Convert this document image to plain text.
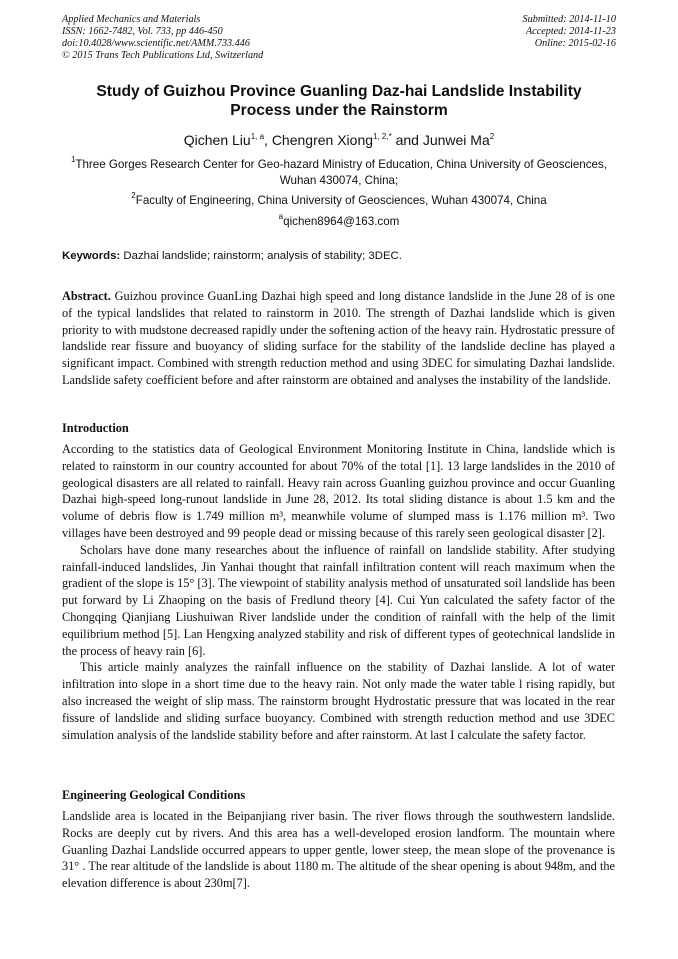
Applied Mechanics and Materials
ISSN: 1662-7482, Vol. 733, pp 446-450
doi:10.4028/www.scientific.net/AMM.733.446
© 2015 Trans Tech Publications Ltd, Switzerland
Submitted: 2014-11-10
Accepted: 2014-11-23
Online: 2015-02-16
Study of Guizhou Province Guanling Daz-hai Landslide Instability
Process under the Rainstorm
Qichen Liu$^{1, a}$, Chengren Xiong$^{1, 2,*}$ and Junwei Ma$^2$
$^1$Three Gorges Research Center for Geo-hazard Ministry of Education, China University of Geosciences, Wuhan 430074, China;
$^2$Faculty of Engineering, China University of Geosciences, Wuhan 430074, China
$^a$qichen8964@163.com
Keywords: Dazhai landslide; rainstorm; analysis of stability; 3DEC.
Abstract. Guizhou province GuanLing Dazhai high speed and long distance landslide in the June 28 of is one of the typical landslides that related to rainstorm in 2010. The strength of Dazhai landslide which is given priority to with mudstone decreased rapidly under the softening action of the heavy rain. Hydrostatic pressure of landslide rear fissure and buoyancy of sliding surface for the stability of the landslide decline has played a significant impact. Combined with strength reduction method and using 3DEC for simulating Dazhai landslide. Landslide safety coefficient before and after rainstorm are obtained and analyses the instability of the landslide.
Introduction

According to the statistics data of Geological Environment Monitoring Institute in China, landslide which is related to rainstorm in our country accounted for about 70% of the total [1]. 13 large landslides in the 2010 of geological disasters are all related to rainfall. Heavy rain across Guanling guizhou province and occur Guanling Dazhai high-speed long-runout landslide in June 28, 2012. Its total sliding distance is about 1.5 km and the volume of debris flow is 1.749 million m³, meanwhile volume of slumped mass is 1.176 million m³. Two villages have been destroyed and 99 people dead or missing because of this rarely seen geological disaster [2].

Scholars have done many researches about the influence of rainfall on landslide stability. After studying rainfall-induced landslides, Jin Yanhai thought that rainfall infiltration content will reach maximum when the gradient of the slope is 15° [3]. The viewpoint of stability analysis method of unsaturated soil landslide has been put forward by Li Zhaoping on the basis of Fredlund theory [4]. Cui Yun calculated the safety factor of the Chongqing Qianjiang Liushuiwan River landslide under the condition of rainfall with the help of the limit equilibrium method [5]. Lan Hengxing analyzed stability and risk of different types of geotechnical landslide in the process of heavy rain [6].

This article mainly analyzes the rainfall influence on the stability of Dazhai lanslide. A lot of water infiltration into slope in a short time due to the heavy rain. Not only made the water table l rising rapidly, but also increased the weight of slip mass. The rainstorm brought Hydrostatic pressure that was located in the rear fissure of landslide and sliding surface buoyancy. Combined with strength reduction method and use 3DEC simulation analysis of the landslide stability before and after rainstorm. At last I calculate the safety factor.

Engineering Geological Conditions

Landslide area is located in the Beipanjiang river basin. The river flows through the southwestern landslide. Rocks are deeply cut by rivers. And this area has a well-developed erosion landform. The mountain where Guanling Dazhai Landslide occurred appears to upper gentle, lower steep, the mean slope of the provenance is 31° . The rear altitude of the landslide is about 1180 m. The altitude of the shear opening is about 948m, and the elevation difference is about 230m[7].
